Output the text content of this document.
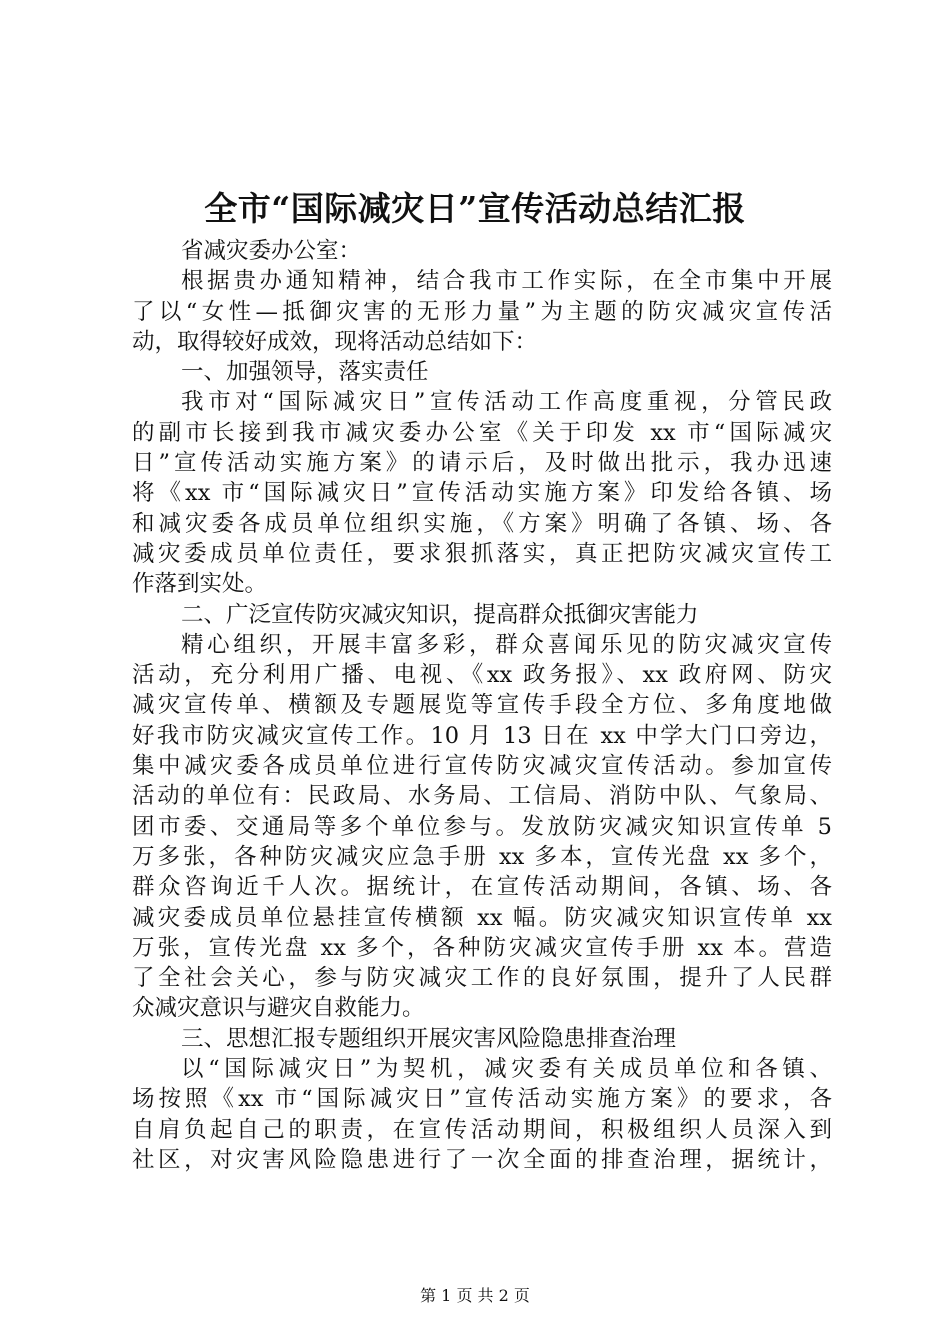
全市“国际减灾日”宣传活动总结汇报
省减灾委办公室：
根据贵办通知精神，结合我市工作实际，在全市集中开展
了以“女性—抵御灾害的无形力量”为主题的防灾减灾宣传活
动，取得较好成效，现将活动总结如下：
一、加强领导，落实责任
我市对“国际减灾日”宣传活动工作高度重视，分管民政
的副市长接到我市减灾委办公室《关于印发 xx 市“国际减灾
日”宣传活动实施方案》的请示后，及时做出批示，我办迅速
将《xx 市“国际减灾日”宣传活动实施方案》印发给各镇、场
和减灾委各成员单位组织实施，《方案》明确了各镇、场、各
减灾委成员单位责任，要求狠抓落实，真正把防灾减灾宣传工
作落到实处。
二、广泛宣传防灾减灾知识，提高群众抵御灾害能力
精心组织，开展丰富多彩，群众喜闻乐见的防灾减灾宣传
活动，充分利用广播、电视、《xx 政务报》、xx 政府网、防灾
减灾宣传单、横额及专题展览等宣传手段全方位、多角度地做
好我市防灾减灾宣传工作。10 月 13 日在 xx 中学大门口旁边，
集中减灾委各成员单位进行宣传防灾减灾宣传活动。参加宣传
活动的单位有：民政局、水务局、工信局、消防中队、气象局、
团市委、交通局等多个单位参与。发放防灾减灾知识宣传单 5
万多张，各种防灾减灾应急手册 xx 多本，宣传光盘 xx 多个，
群众咨询近千人次。据统计，在宣传活动期间，各镇、场、各
减灾委成员单位悬挂宣传横额 xx 幅。防灾减灾知识宣传单 xx
万张，宣传光盘 xx 多个，各种防灾减灾宣传手册 xx 本。营造
了全社会关心，参与防灾减灾工作的良好氛围，提升了人民群
众减灾意识与避灾自救能力。
三、思想汇报专题组织开展灾害风险隐患排查治理
以“国际减灾日”为契机，减灾委有关成员单位和各镇、
场按照《xx 市“国际减灾日”宣传活动实施方案》的要求，各
自肩负起自己的职责，在宣传活动期间，积极组织人员深入到
社区，对灾害风险隐患进行了一次全面的排查治理，据统计，
第 1 页 共 2 页
